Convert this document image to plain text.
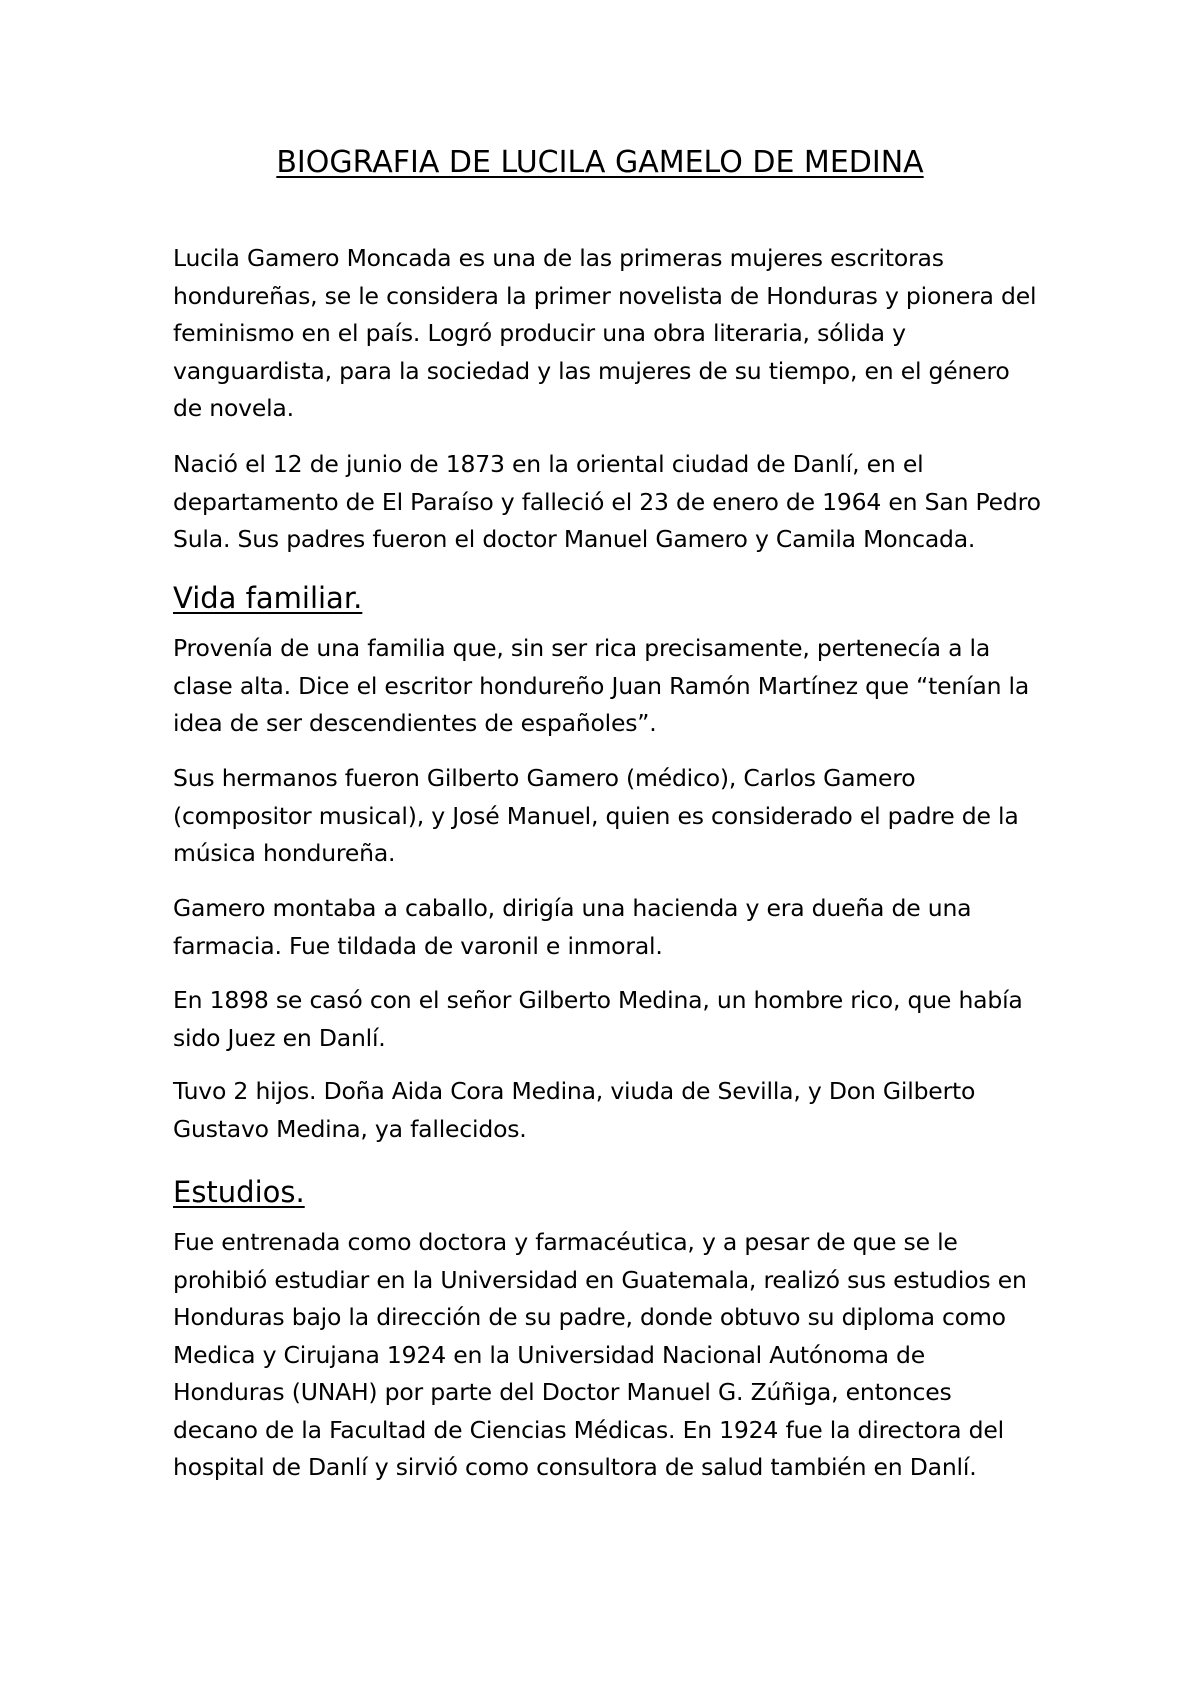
BIOGRAFIA DE LUCILA GAMELO DE MEDINA

Lucila Gamero Moncada es una de las primeras mujeres escritoras hondureñas, se le considera la primer novelista de Honduras y pionera del feminismo en el país. Logró producir una obra literaria, sólida y vanguardista, para la sociedad y las mujeres de su tiempo, en el género de novela.

Nació el 12 de junio de 1873 en la oriental ciudad de Danlí, en el departamento de El Paraíso y falleció el 23 de enero de 1964 en San Pedro Sula. Sus padres fueron el doctor Manuel Gamero y Camila Moncada.

Vida familiar.

Provenía de una familia que, sin ser rica precisamente, pertenecía a la clase alta. Dice el escritor hondureño Juan Ramón Martínez que “tenían la idea de ser descendientes de españoles”.

Sus hermanos fueron Gilberto Gamero (médico), Carlos Gamero (compositor musical), y José Manuel, quien es considerado el padre de la música hondureña.

Gamero montaba a caballo, dirigía una hacienda y era dueña de una farmacia. Fue tildada de varonil e inmoral.

En 1898 se casó con el señor Gilberto Medina, un hombre rico, que había sido Juez en Danlí.

Tuvo 2 hijos. Doña Aida Cora Medina, viuda de Sevilla, y Don Gilberto Gustavo Medina, ya fallecidos.

Estudios.

Fue entrenada como doctora y farmacéutica, y a pesar de que se le prohibió estudiar en la Universidad en Guatemala, realizó sus estudios en Honduras bajo la dirección de su padre, donde obtuvo su diploma como Medica y Cirujana 1924 en la Universidad Nacional Autónoma de Honduras (UNAH) por parte del Doctor Manuel G. Zúñiga, entonces decano de la Facultad de Ciencias Médicas. En 1924 fue la directora del hospital de Danlí y sirvió como consultora de salud también en Danlí.
